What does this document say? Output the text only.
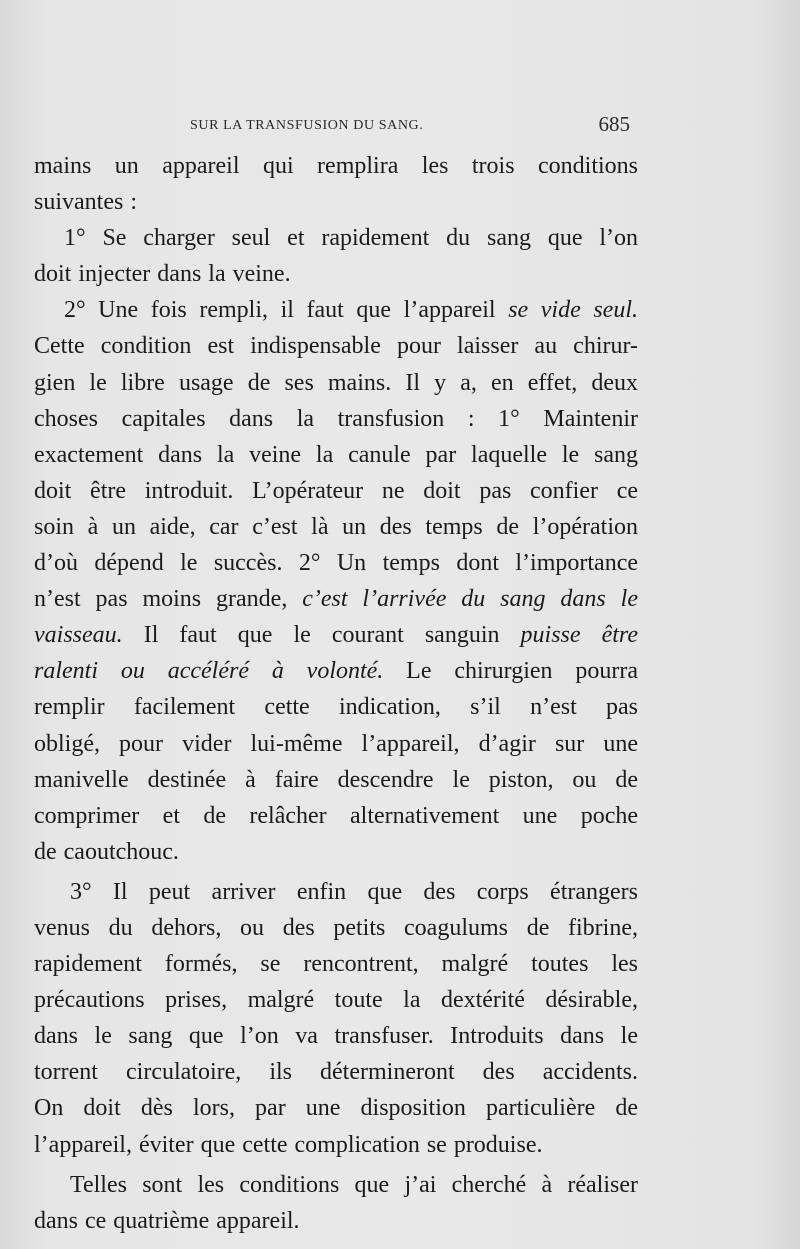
SUR LA TRANSFUSION DU SANG.	685

mains un appareil qui remplira les trois conditions
suivantes :

1° Se charger seul et rapidement du sang que l’on
doit injecter dans la veine.

2° Une fois rempli, il faut que l’appareil se vide seul.
Cette condition est indispensable pour laisser au chirur-
gien le libre usage de ses mains. Il y a, en effet, deux
choses capitales dans la transfusion : 1° Maintenir
exactement dans la veine la canule par laquelle le sang
doit être introduit. L’opérateur ne doit pas confier ce
soin à un aide, car c’est là un des temps de l’opération
d’où dépend le succès. 2° Un temps dont l’importance
n’est pas moins grande, c’est l’arrivée du sang dans le
vaisseau. Il faut que le courant sanguin puisse être
ralenti ou accéléré à volonté. Le chirurgien pourra
remplir facilement cette indication, s’il n’est pas
obligé, pour vider lui-même l’appareil, d’agir sur une
manivelle destinée à faire descendre le piston, ou de
comprimer et de relâcher alternativement une poche
de caoutchouc.

3° Il peut arriver enfin que des corps étrangers
venus du dehors, ou des petits coagulums de fibrine,
rapidement formés, se rencontrent, malgré toutes les
précautions prises, malgré toute la dextérité désirable,
dans le sang que l’on va transfuser. Introduits dans le
torrent circulatoire, ils détermineront des accidents.
On doit dès lors, par une disposition particulière de
l’appareil, éviter que cette complication se produise.

Telles sont les conditions que j’ai cherché à réaliser
dans ce quatrième appareil.
